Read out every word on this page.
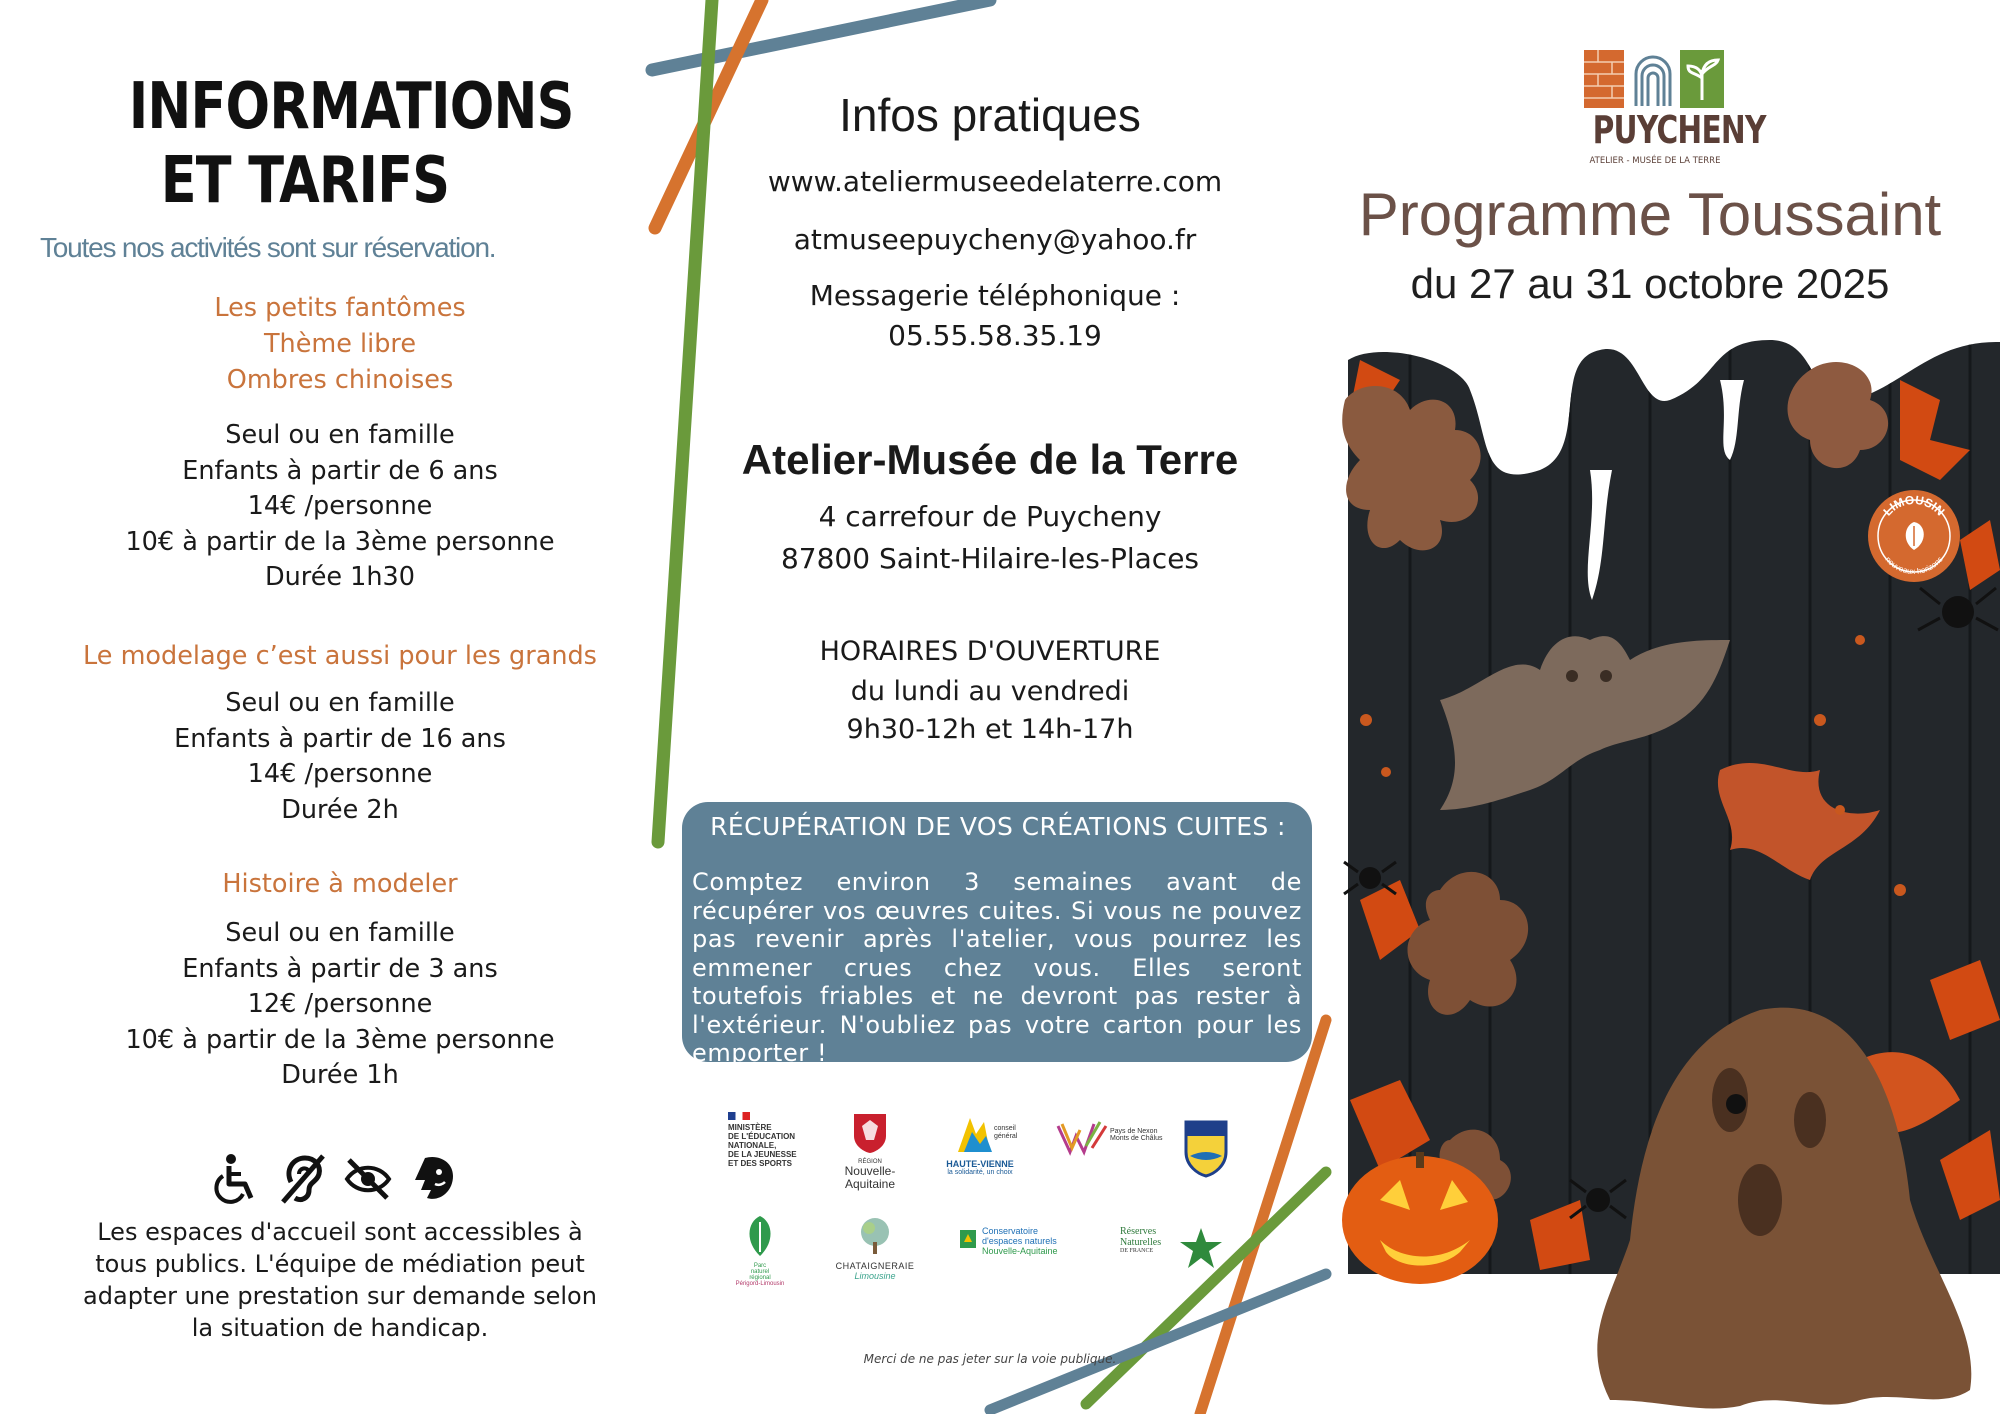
INFORMATIONS
ET TARIFS
Toutes nos activités sont sur réservation.
Les petits fantômes
Thème libre
Ombres chinoises
Seul ou en famille
Enfants à partir de 6 ans
14€ /personne
10€ à partir de la 3ème personne
Durée 1h30
Le modelage c’est aussi pour les grands
Seul ou en famille
Enfants à partir de 16 ans
14€ /personne
Durée 2h
Histoire à modeler
Seul ou en famille
Enfants à partir de 3 ans
12€ /personne
10€ à partir de la 3ème personne
Durée 1h
Les espaces d'accueil sont accessibles à tous publics. L'équipe de médiation peut adapter une prestation sur demande selon la situation de handicap.
Infos pratiques
www.ateliermuseedelaterre.com
atmuseepuycheny@yahoo.fr
Messagerie téléphonique :
05.55.58.35.19
Atelier-Musée de la Terre
4 carrefour de Puycheny
87800 Saint-Hilaire-les-Places
HORAIRES D'OUVERTURE
du lundi au vendredi
9h30-12h et 14h-17h
RÉCUPÉRATION DE VOS CRÉATIONS CUITES :
Comptez environ 3 semaines avant de récupérer vos œuvres cuites. Si vous ne pouvez pas revenir après l'atelier, vous pourrez les emmener crues chez vous. Elles seront toutefois friables et ne devront pas rester à l'extérieur. N'oubliez pas votre carton pour les emporter !
MINISTÈRE
DE L'ÉDUCATION
NATIONALE,
DE LA JEUNESSE
ET DES SPORTS	RÉGION
Nouvelle-
Aquitaine
conseil
général
HAUTE-VIENNE
la solidarité, un choix
Pays de Nexon
Monts de Châlus
Parc
naturel
régional
Périgord-Limousin
CHATAIGNERAIE
Limousine
Conservatoire
d'espaces naturels
Nouvelle-Aquitaine
Réserves
Naturelles
DE FRANCE
Merci de ne pas jeter sur la voie publique.
PUYCHENY
ATELIER - MUSÉE DE LA TERRE
Programme Toussaint
du 27 au 31 octobre 2025
LIMOUSIN
nouveaux horizons
